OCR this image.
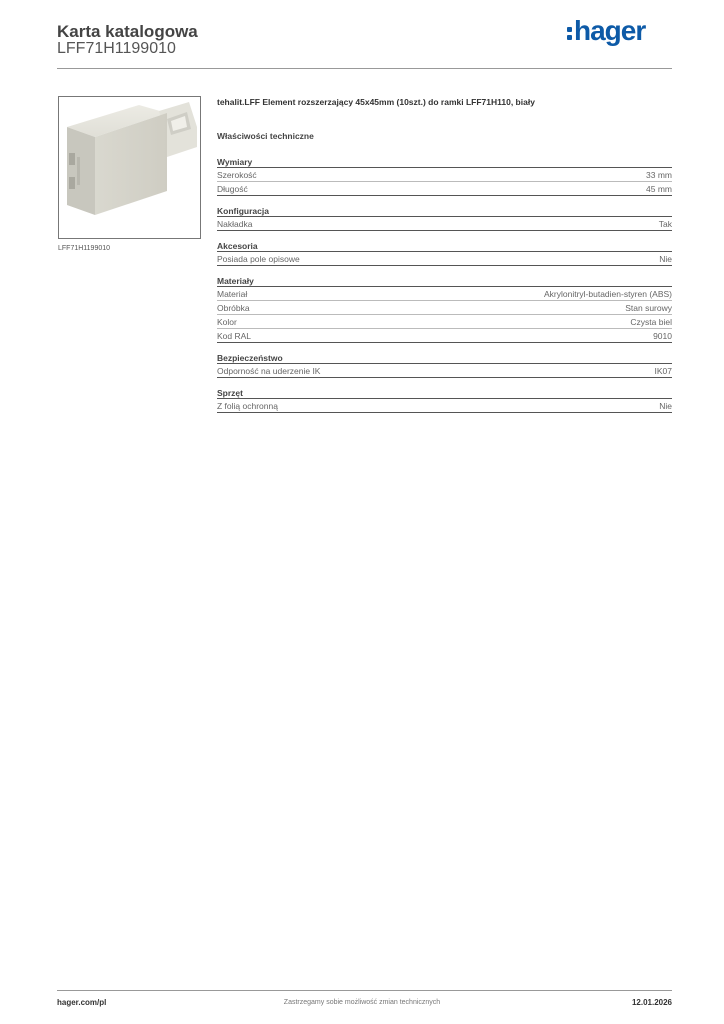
Karta katalogowa
LFF71H1199010
hager
LFF71H1199010
tehalit.LFF Element rozszerzający 45x45mm (10szt.) do ramki LFF71H110, biały
Właściwości techniczne
Wymiary
Szerokość	33 mm
Długość	45 mm
Konfiguracja
Nakładka	Tak
Akcesoria
Posiada pole opisowe	Nie
Materiały
Materiał	Akrylonitryl-butadien-styren (ABS)
Obróbka	Stan surowy
Kolor	Czysta biel
Kod RAL	9010
Bezpieczeństwo
Odporność na uderzenie IK	IK07
Sprzęt
Z folią ochronną	Nie
hager.com/pl	Zastrzegamy sobie możliwość zmian technicznych	12.01.2026
